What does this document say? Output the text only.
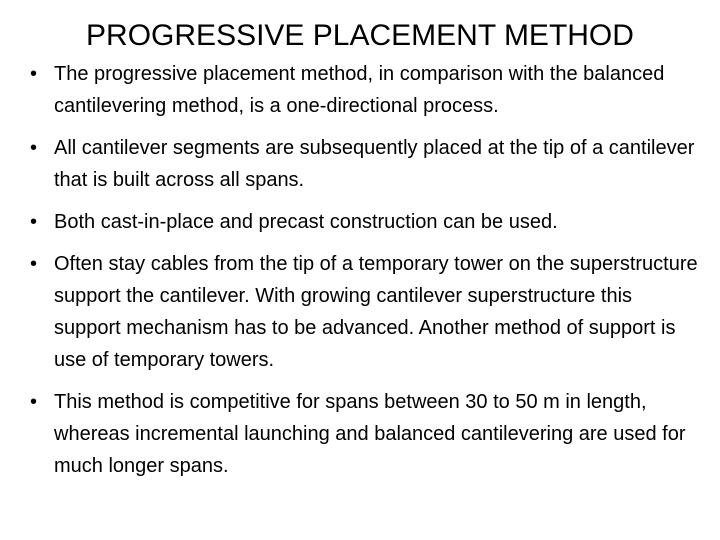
PROGRESSIVE PLACEMENT METHOD
• The progressive placement method, in comparison with the balanced cantilevering method, is a one-directional process.
• All cantilever segments are subsequently placed at the tip of a cantilever that is built across all spans.
• Both cast-in-place and precast construction can be used.
• Often stay cables from the tip of a temporary tower on the superstructure support the cantilever. With growing cantilever superstructure this support mechanism has to be advanced. Another method of support is use of temporary towers.
• This method is competitive for spans between 30 to 50 m in length, whereas incremental launching and balanced cantilevering are used for much longer spans.
